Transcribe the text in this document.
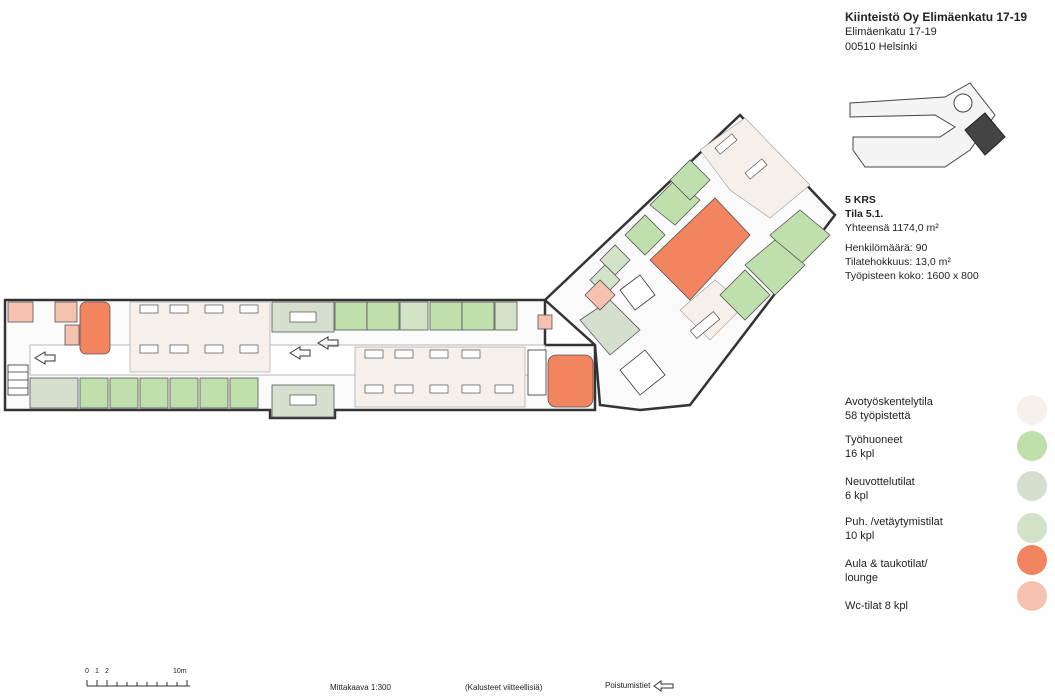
Kiinteistö Oy Elimäenkatu 17-19
Elimäenkatu 17-19
00510 Helsinki
5 KRS
Tila 5.1.
Yhteensä 1174,0 m²
Henkilömäärä: 90
Tilatehokkuus: 13,0 m²
Työpisteen koko: 1600 x 800
Avotyöskentelytila
58 työpistettä
Työhuoneet
16 kpl
Neuvottelutilat
6 kpl
Puh. /vetäytymistilat
10 kpl
Aula & taukotilat/
lounge
Wc-tilat 8 kpl
0 1 2	10m
Mittakaava 1:300	(Kalusteet viitteellisiä)	Poistumistiet
